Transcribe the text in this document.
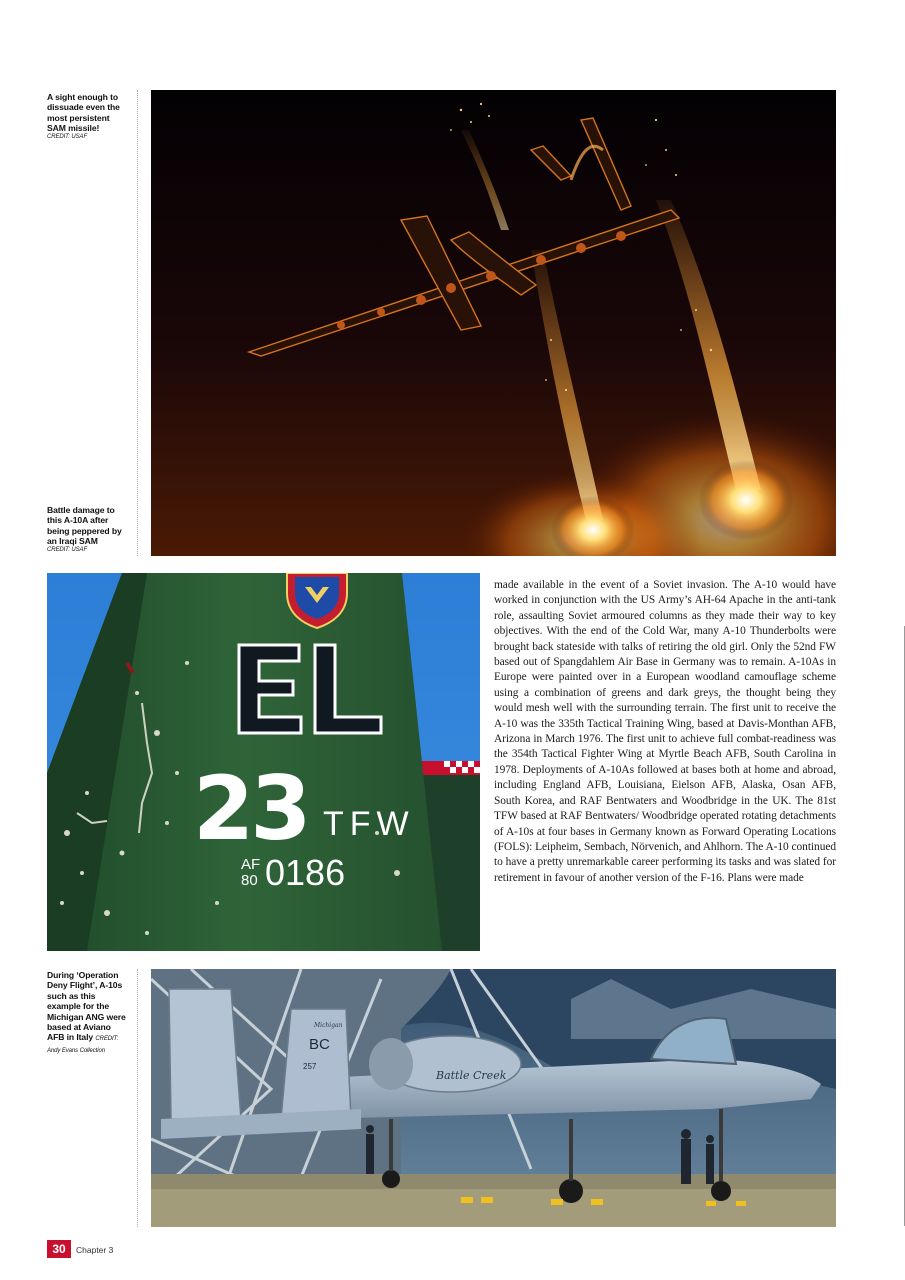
A sight enough to dissuade even the most persistent SAM missile!
CREDIT: USAF
Battle damage to this A-10A after being peppered by an Iraqi SAM
CREDIT: USAF
During ‘Operation Deny Flight’, A-10s such as this example for the Michigan ANG were based at Aviano AFB in Italy CREDIT: Andy Evans Collection
23 TFW
AF
80 0186
made available in the event of a Soviet invasion. The A-10 would have worked in conjunction with the US Army’s AH-64 Apache in the anti-tank role, assaulting Soviet armoured columns as they made their way to key objectives. With the end of the Cold War, many A-10 Thunderbolts were brought back stateside with talks of retiring the old girl. Only the 52nd FW based out of Spangdahlem Air Base in Germany was to remain. A-10As in Europe were painted over in a European woodland camouflage scheme using a combination of greens and dark greys, the thought being they would mesh well with the surrounding terrain. The first unit to receive the A-10 was the 335th Tactical Training Wing, based at Davis-Monthan AFB, Arizona in March 1976. The first unit to achieve full combat-readiness was the 354th Tactical Fighter Wing at Myrtle Beach AFB, South Carolina in 1978. Deployments of A-10As followed at bases both at home and abroad, including England AFB, Louisiana, Eielson AFB, Alaska, Osan AFB, South Korea, and RAF Bentwaters and Woodbridge in the UK. The 81st TFW based at RAF Bentwaters/ Woodbridge operated rotating detachments of A-10s at four bases in Germany known as Forward Operating Locations (FOLS): Leipheim, Sembach, Nörvenich, and Ahlhorn. The A-10 continued to have a pretty unremarkable career performing its tasks and was slated for retirement in favour of another version of the F-16. Plans were made
Battle Creek
Michigan
BC
257
30	Chapter 3
